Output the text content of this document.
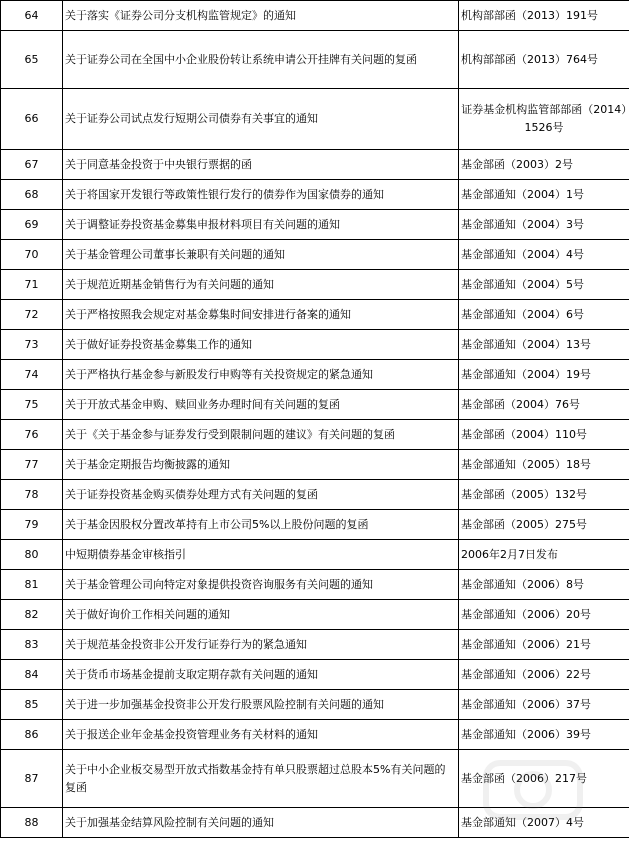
64	关于落实《证券公司分支机构监管规定》的通知	机构部部函（2013）191号
65	关于证券公司在全国中小企业股份转让系统申请公开挂牌有关问题的复函	机构部部函（2013）764号
66	关于证券公司试点发行短期公司债券有关事宜的通知	证券基金机构监管部部函（2014）1526号
67	关于同意基金投资于中央银行票据的函	基金部函（2003）2号
68	关于将国家开发银行等政策性银行发行的债券作为国家债券的通知	基金部通知（2004）1号
69	关于调整证券投资基金募集申报材料项目有关问题的通知	基金部通知（2004）3号
70	关于基金管理公司董事长兼职有关问题的通知	基金部通知（2004）4号
71	关于规范近期基金销售行为有关问题的通知	基金部通知（2004）5号
72	关于严格按照我会规定对基金募集时间安排进行备案的通知	基金部通知（2004）6号
73	关于做好证券投资基金募集工作的通知	基金部通知（2004）13号
74	关于严格执行基金参与新股发行申购等有关投资规定的紧急通知	基金部通知（2004）19号
75	关于开放式基金申购、赎回业务办理时间有关问题的复函	基金部函（2004）76号
76	关于《关于基金参与证券发行受到限制问题的建议》有关问题的复函	基金部函（2004）110号
77	关于基金定期报告均衡披露的通知	基金部通知（2005）18号
78	关于证券投资基金购买债券处理方式有关问题的复函	基金部函（2005）132号
79	关于基金因股权分置改革持有上市公司5%以上股份问题的复函	基金部函（2005）275号
80	中短期债券基金审核指引	2006年2月7日发布
81	关于基金管理公司向特定对象提供投资咨询服务有关问题的通知	基金部通知（2006）8号
82	关于做好询价工作相关问题的通知	基金部通知（2006）20号
83	关于规范基金投资非公开发行证券行为的紧急通知	基金部通知（2006）21号
84	关于货币市场基金提前支取定期存款有关问题的通知	基金部通知（2006）22号
85	关于进一步加强基金投资非公开发行股票风险控制有关问题的通知	基金部通知（2006）37号
86	关于报送企业年金基金投资管理业务有关材料的通知	基金部通知（2006）39号
87	关于中小企业板交易型开放式指数基金持有单只股票超过总股本5%有关问题的复函	基金部函（2006）217号
88	关于加强基金结算风险控制有关问题的通知	基金部通知（2007）4号
